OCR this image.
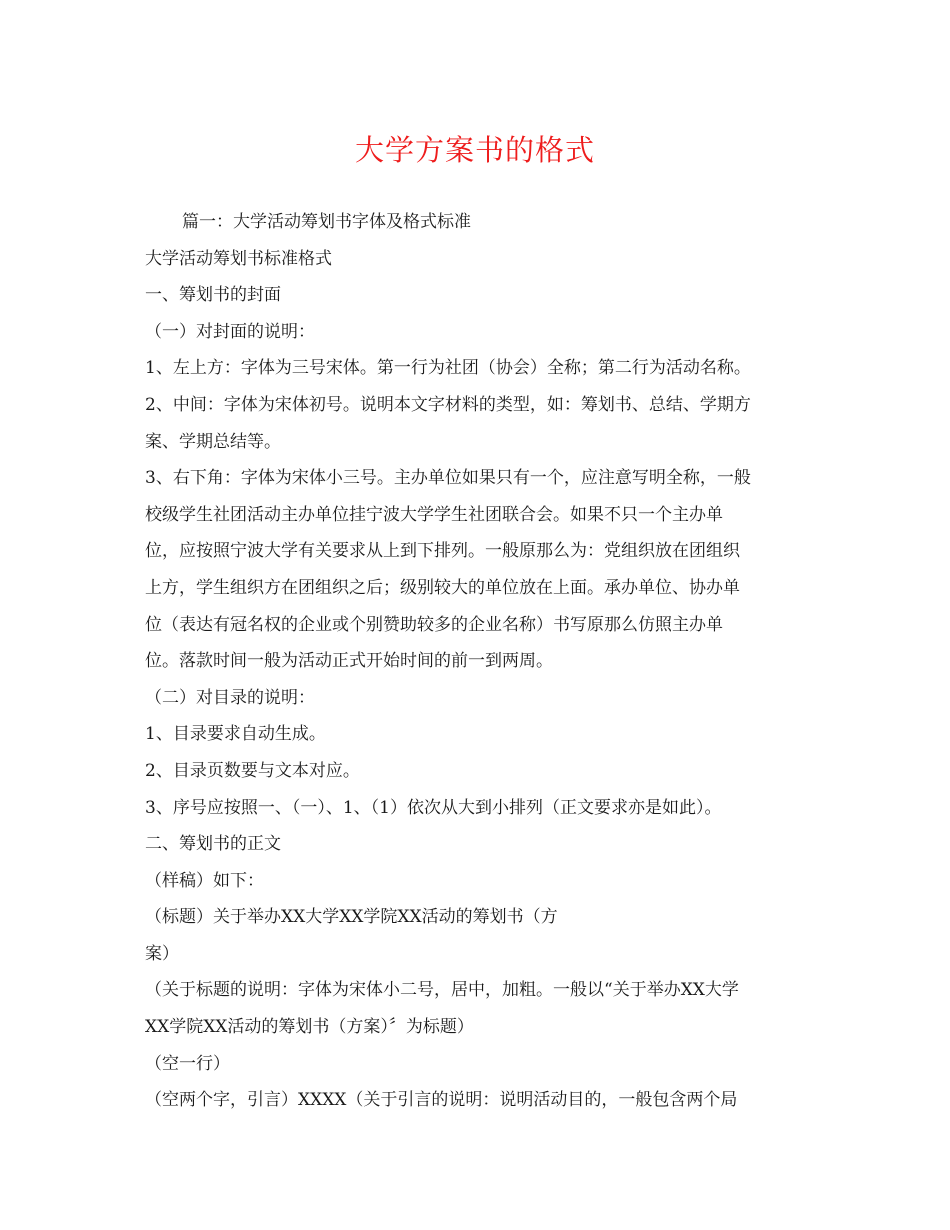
大学方案书的格式
篇一：大学活动筹划书字体及格式标准
大学活动筹划书标准格式
一、筹划书的封面
（一）对封面的说明：
1、左上方：字体为三号宋体。第一行为社团（协会）全称；第二行为活动名称。
2、中间：字体为宋体初号。说明本文字材料的类型，如：筹划书、总结、学期方
案、学期总结等。
3、右下角：字体为宋体小三号。主办单位如果只有一个，应注意写明全称，一般
校级学生社团活动主办单位挂宁波大学学生社团联合会。如果不只一个主办单
位，应按照宁波大学有关要求从上到下排列。一般原那么为：党组织放在团组织
上方，学生组织方在团组织之后；级别较大的单位放在上面。承办单位、协办单
位（表达有冠名权的企业或个别赞助较多的企业名称）书写原那么仿照主办单
位。落款时间一般为活动正式开始时间的前一到两周。
（二）对目录的说明：
1、目录要求自动生成。
2、目录页数要与文本对应。
3、序号应按照一、（一）、1、（1）依次从大到小排列（正文要求亦是如此）。
二、筹划书的正文
（样稿）如下：
（标题）关于举办XX大学XX学院XX活动的筹划书（方
案）
（关于标题的说明：字体为宋体小二号，居中，加粗。一般以“关于举办XX大学
XX学院XX活动的筹划书（方案）〞为标题）
（空一行）
（空两个字，引言）XXXX（关于引言的说明：说明活动目的，一般包含两个局
